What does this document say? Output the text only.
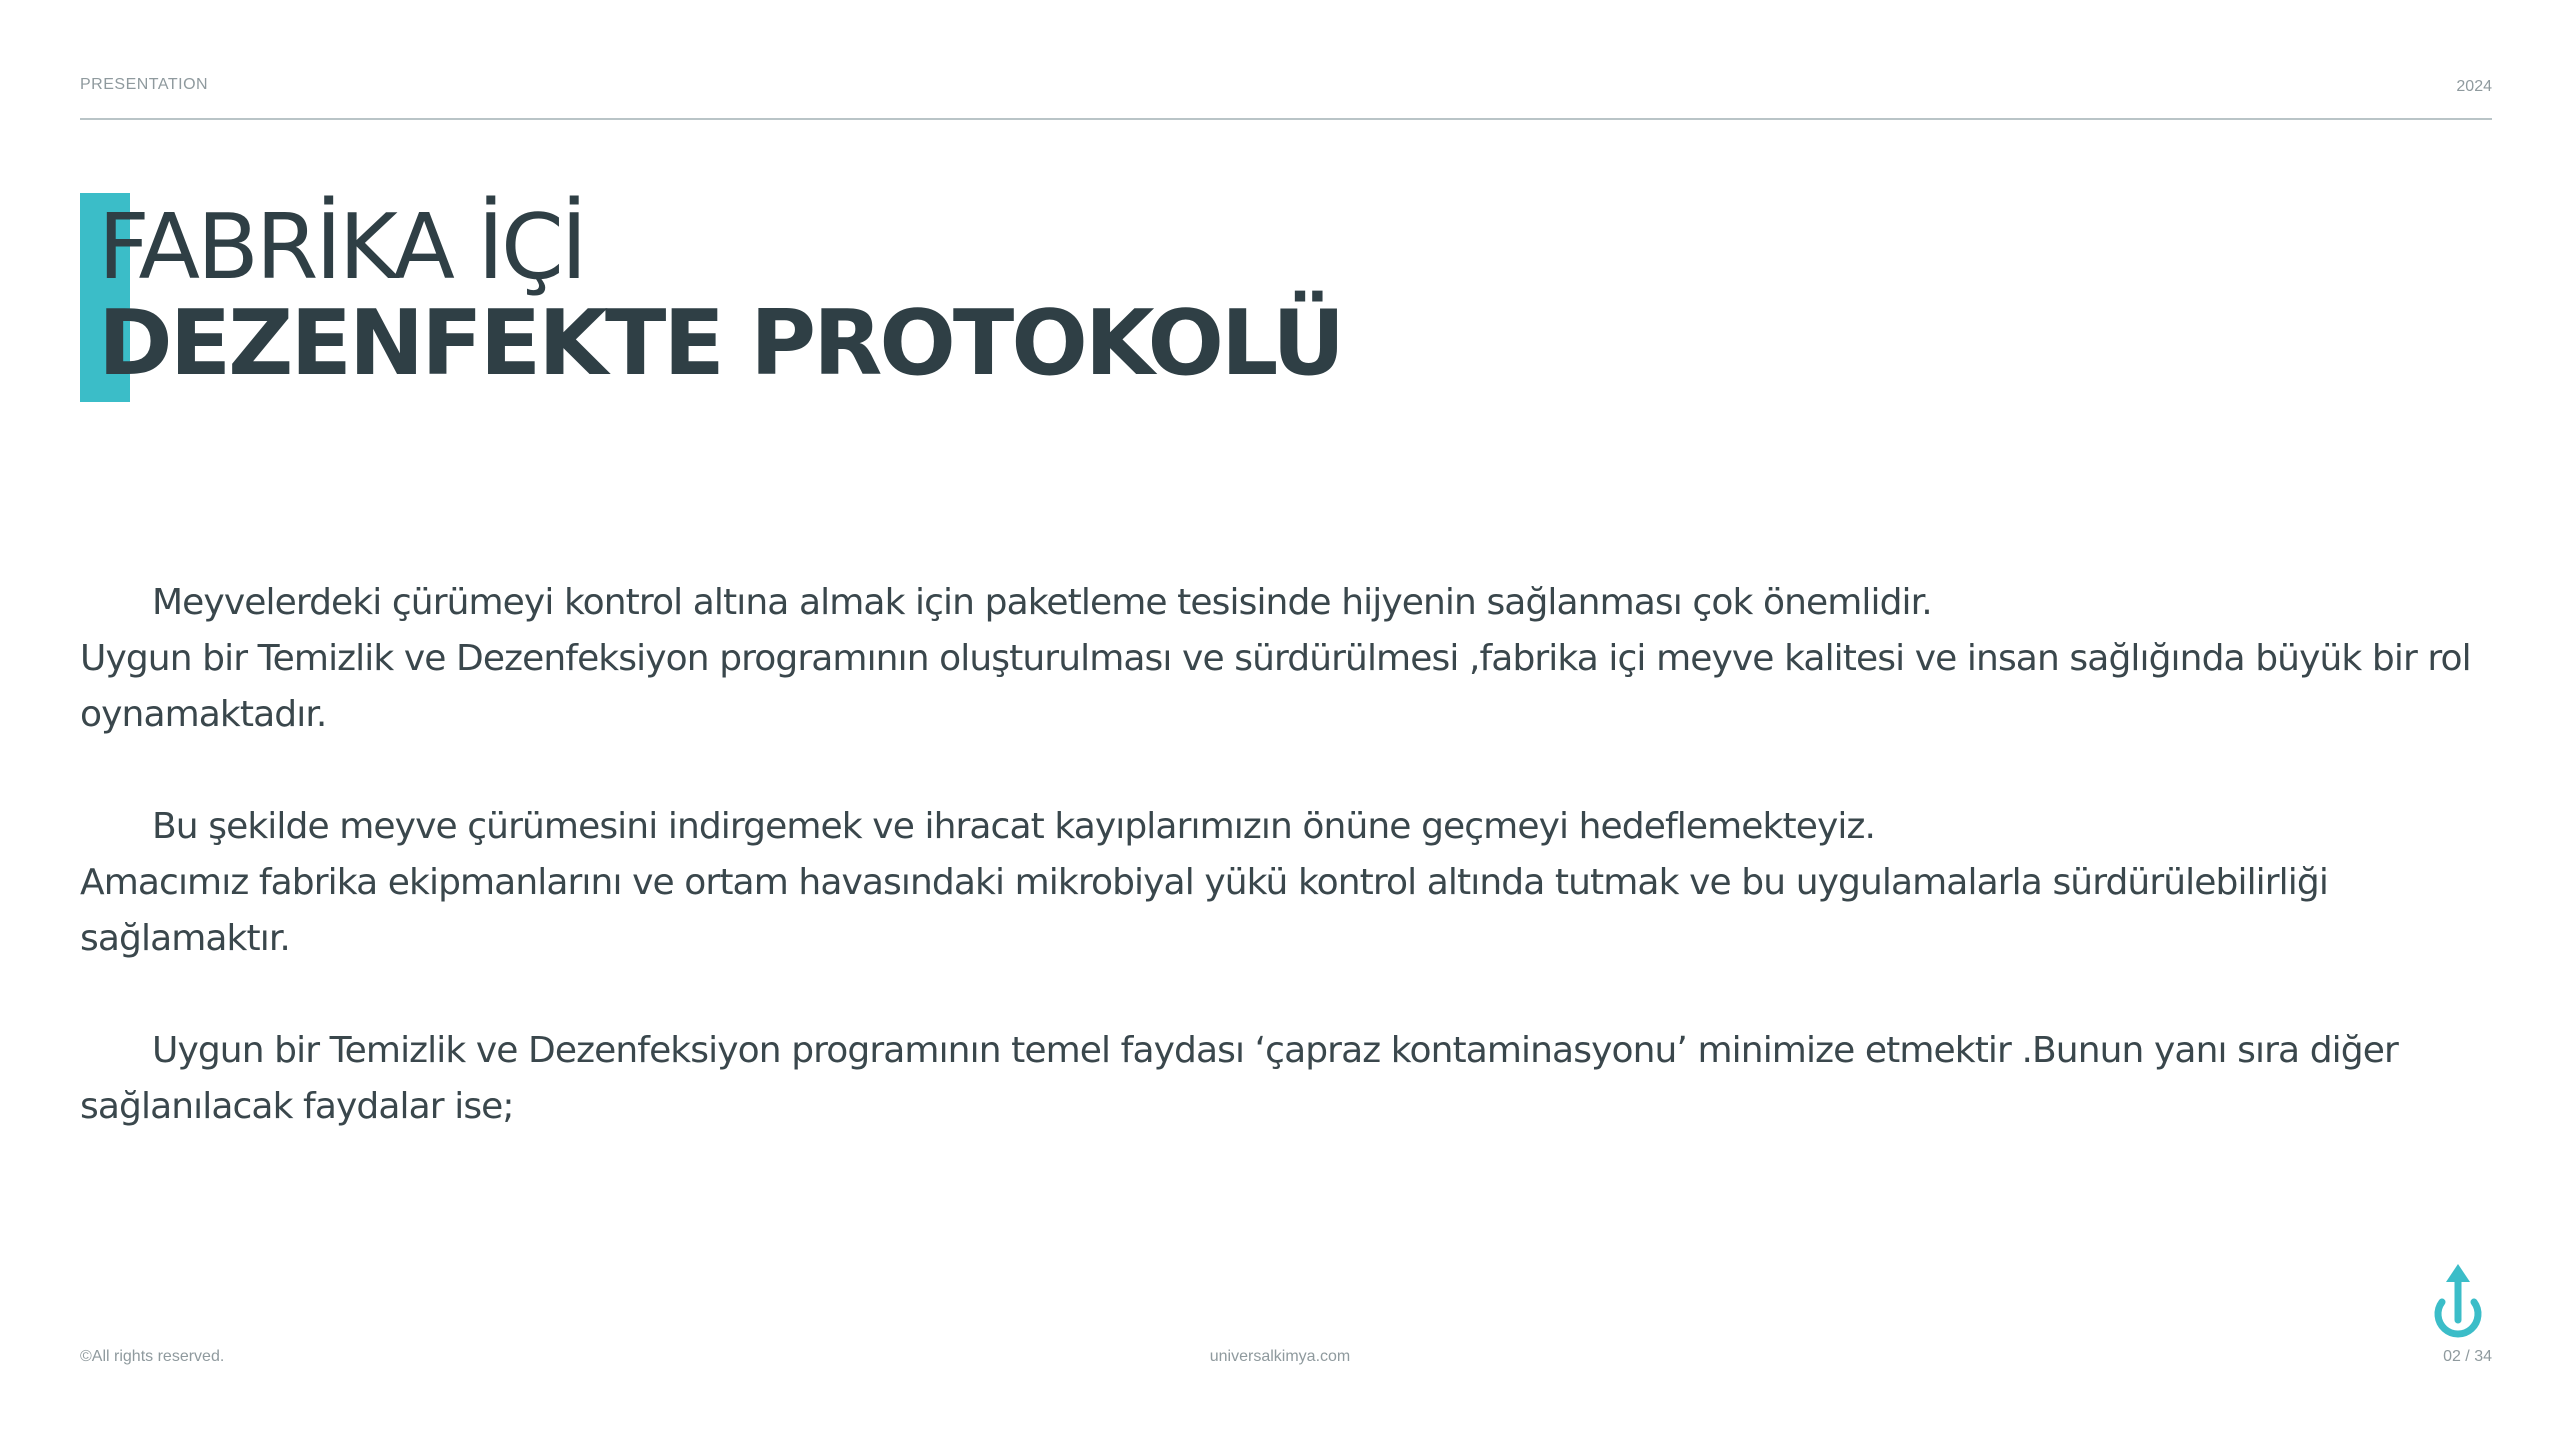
PRESENTATION	2024
FABRİKA İÇİ
DEZENFEKTE PROTOKOLÜ

Meyvelerdeki çürümeyi kontrol altına almak için paketleme tesisinde hijyenin sağlanması çok önemlidir.
Uygun bir Temizlik ve Dezenfeksiyon programının oluşturulması ve sürdürülmesi ,fabrika içi meyve kalitesi ve insan sağlığında büyük bir rol oynamaktadır.

Bu şekilde meyve çürümesini indirgemek ve ihracat kayıplarımızın önüne geçmeyi hedeflemekteyiz.
Amacımız fabrika ekipmanlarını ve ortam havasındaki mikrobiyal yükü kontrol altında tutmak ve bu uygulamalarla sürdürülebilirliği sağlamaktır.

Uygun bir Temizlik ve Dezenfeksiyon programının temel faydası ‘çapraz kontaminasyonu’ minimize etmektir .Bunun yanı sıra diğer sağlanılacak faydalar ise;

©All rights reserved.	universalkimya.com	02 / 34
